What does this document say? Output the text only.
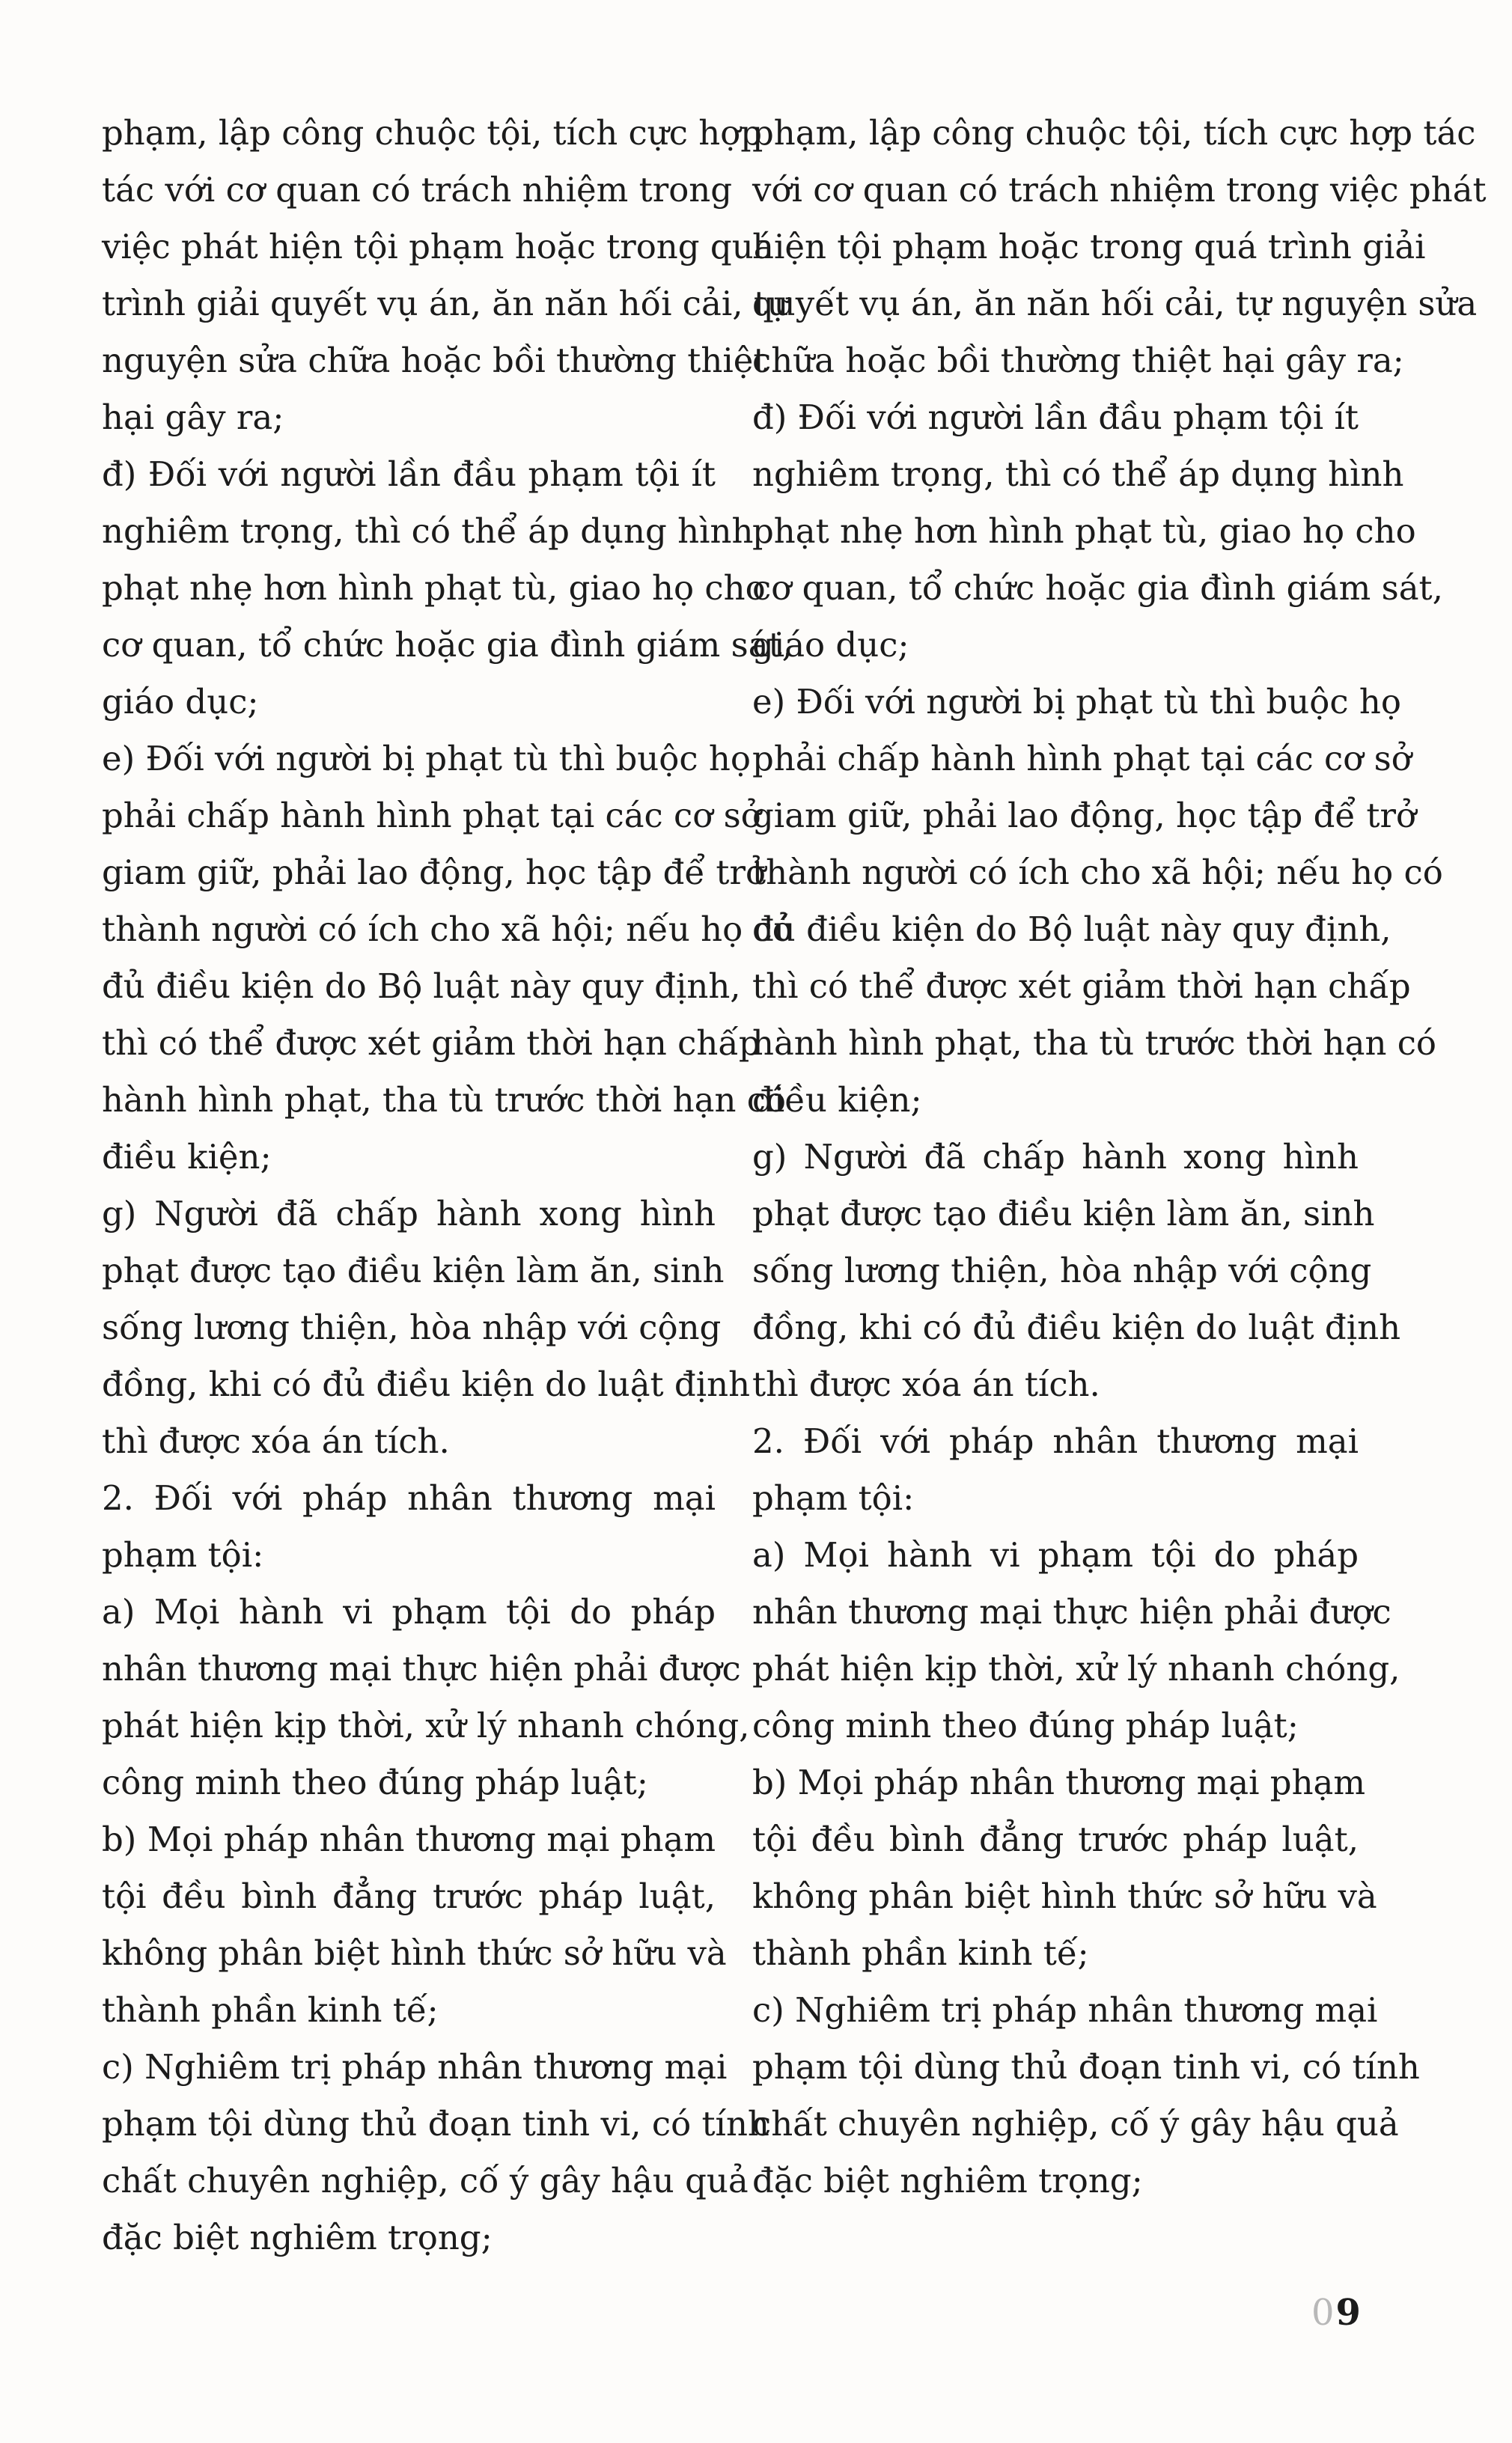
phạm, lập công chuộc tội, tích cực hợp
tác với cơ quan có trách nhiệm trong
việc phát hiện tội phạm hoặc trong quá
trình giải quyết vụ án, ăn năn hối cải, tự
nguyện sửa chữa hoặc bồi thường thiệt
hại gây ra;
đ) Đối với người lần đầu phạm tội ít
nghiêm trọng, thì có thể áp dụng hình
phạt nhẹ hơn hình phạt tù, giao họ cho
cơ quan, tổ chức hoặc gia đình giám sát,
giáo dục;
e) Đối với người bị phạt tù thì buộc họ
phải chấp hành hình phạt tại các cơ sở
giam giữ, phải lao động, học tập để trở
thành người có ích cho xã hội; nếu họ có
đủ điều kiện do Bộ luật này quy định,
thì có thể được xét giảm thời hạn chấp
hành hình phạt, tha tù trước thời hạn có
điều kiện;
g) Người đã chấp hành xong hình
phạt được tạo điều kiện làm ăn, sinh
sống lương thiện, hòa nhập với cộng
đồng, khi có đủ điều kiện do luật định
thì được xóa án tích.
2. Đối với pháp nhân thương mại
phạm tội:
a) Mọi hành vi phạm tội do pháp
nhân thương mại thực hiện phải được
phát hiện kịp thời, xử lý nhanh chóng,
công minh theo đúng pháp luật;
b) Mọi pháp nhân thương mại phạm
tội đều bình đẳng trước pháp luật,
không phân biệt hình thức sở hữu và
thành phần kinh tế;
c) Nghiêm trị pháp nhân thương mại
phạm tội dùng thủ đoạn tinh vi, có tính
chất chuyên nghiệp, cố ý gây hậu quả
đặc biệt nghiêm trọng;
phạm, lập công chuộc tội, tích cực hợp tác
với cơ quan có trách nhiệm trong việc phát
hiện tội phạm hoặc trong quá trình giải
quyết vụ án, ăn năn hối cải, tự nguyện sửa
chữa hoặc bồi thường thiệt hại gây ra;
đ) Đối với người lần đầu phạm tội ít
nghiêm trọng, thì có thể áp dụng hình
phạt nhẹ hơn hình phạt tù, giao họ cho
cơ quan, tổ chức hoặc gia đình giám sát,
giáo dục;
e) Đối với người bị phạt tù thì buộc họ
phải chấp hành hình phạt tại các cơ sở
giam giữ, phải lao động, học tập để trở
thành người có ích cho xã hội; nếu họ có
đủ điều kiện do Bộ luật này quy định,
thì có thể được xét giảm thời hạn chấp
hành hình phạt, tha tù trước thời hạn có
điều kiện;
g) Người đã chấp hành xong hình
phạt được tạo điều kiện làm ăn, sinh
sống lương thiện, hòa nhập với cộng
đồng, khi có đủ điều kiện do luật định
thì được xóa án tích.
2. Đối với pháp nhân thương mại
phạm tội:
a) Mọi hành vi phạm tội do pháp
nhân thương mại thực hiện phải được
phát hiện kịp thời, xử lý nhanh chóng,
công minh theo đúng pháp luật;
b) Mọi pháp nhân thương mại phạm
tội đều bình đẳng trước pháp luật,
không phân biệt hình thức sở hữu và
thành phần kinh tế;
c) Nghiêm trị pháp nhân thương mại
phạm tội dùng thủ đoạn tinh vi, có tính
chất chuyên nghiệp, cố ý gây hậu quả
đặc biệt nghiêm trọng;
09
